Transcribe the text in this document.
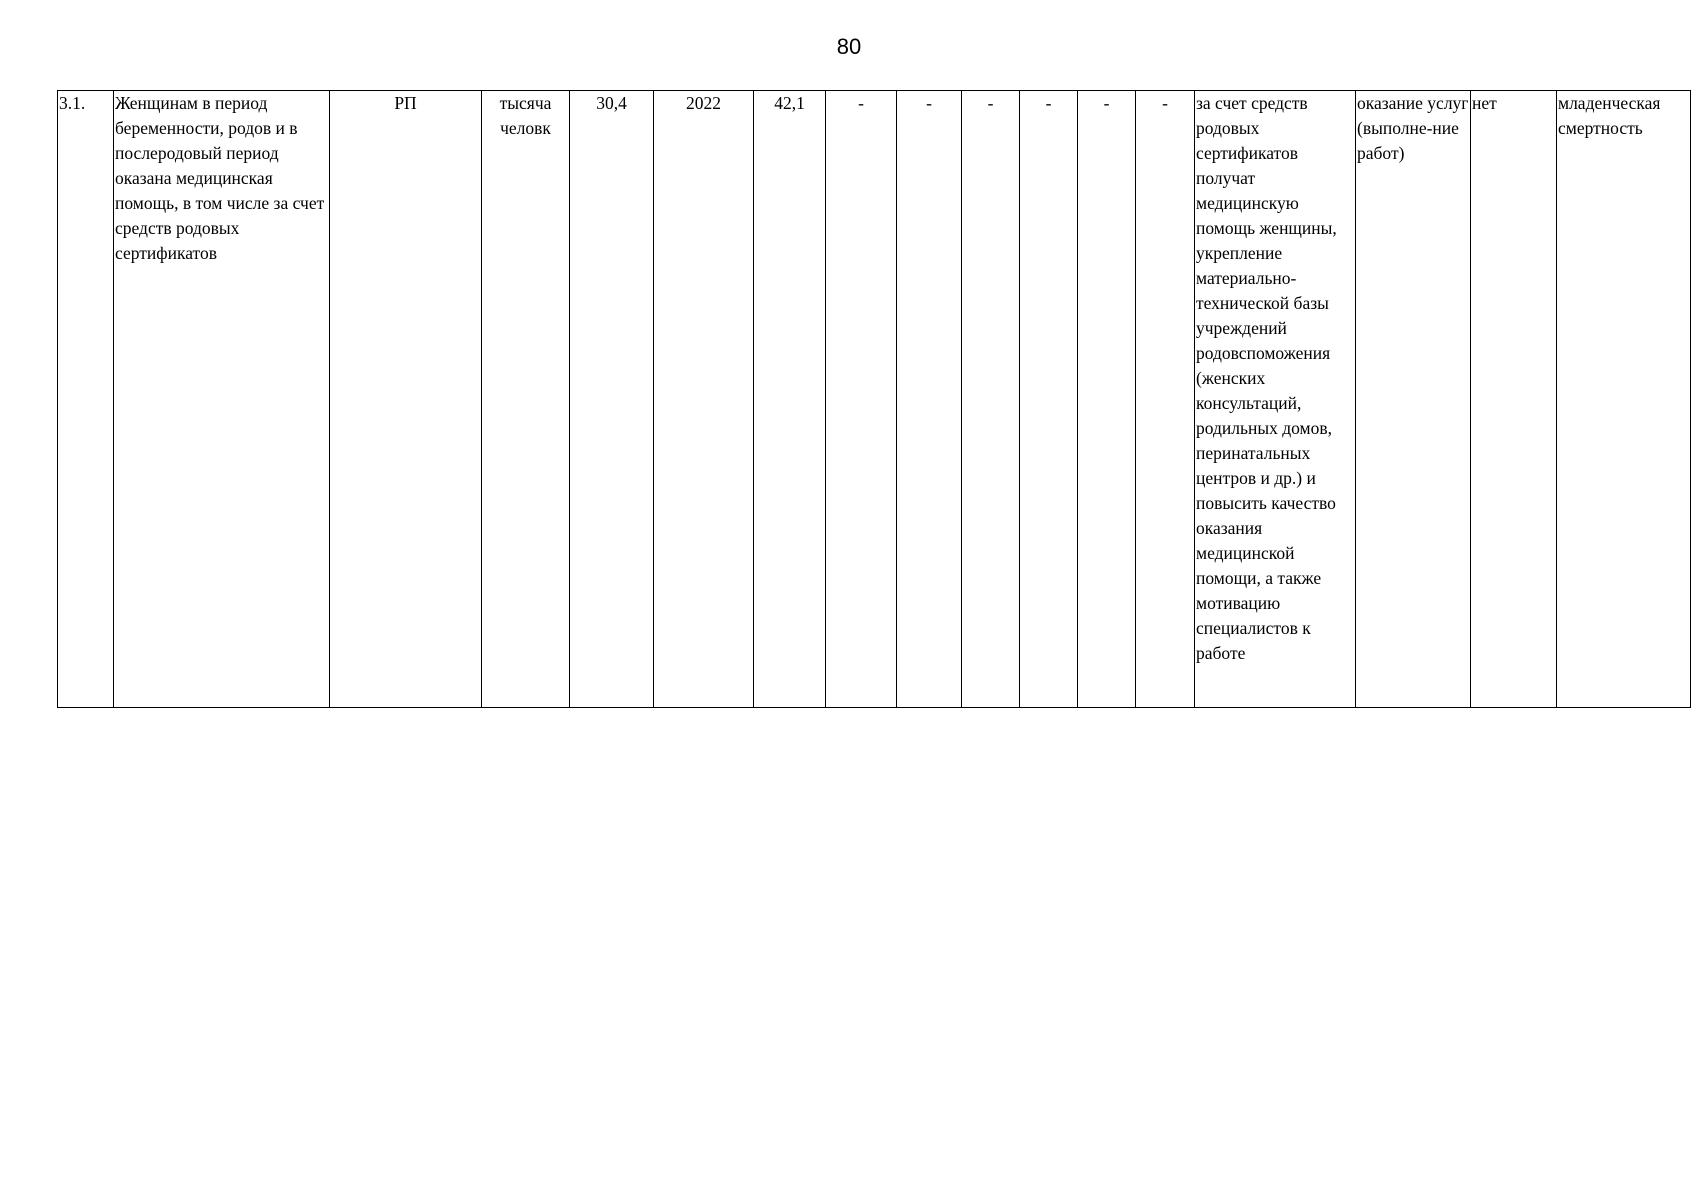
80
3.1.	Женщинам в период беременности, родов и в послеродовый период оказана медицинская помощь, в том числе за счет средств родовых сертификатов	РП	тысяча человк	30,4	2022	42,1	-	-	-	-	-	-	за счет средств родовых сертификатов получат медицинскую помощь женщины, укрепление материально-технической базы учреждений родовспоможения (женских консультаций, родильных домов, перинатальных центров и др.) и повысить качество оказания медицинской помощи, а также мотивацию специалистов к работе	оказание услуг (выполне-ние работ)	нет	младенческая смертность
